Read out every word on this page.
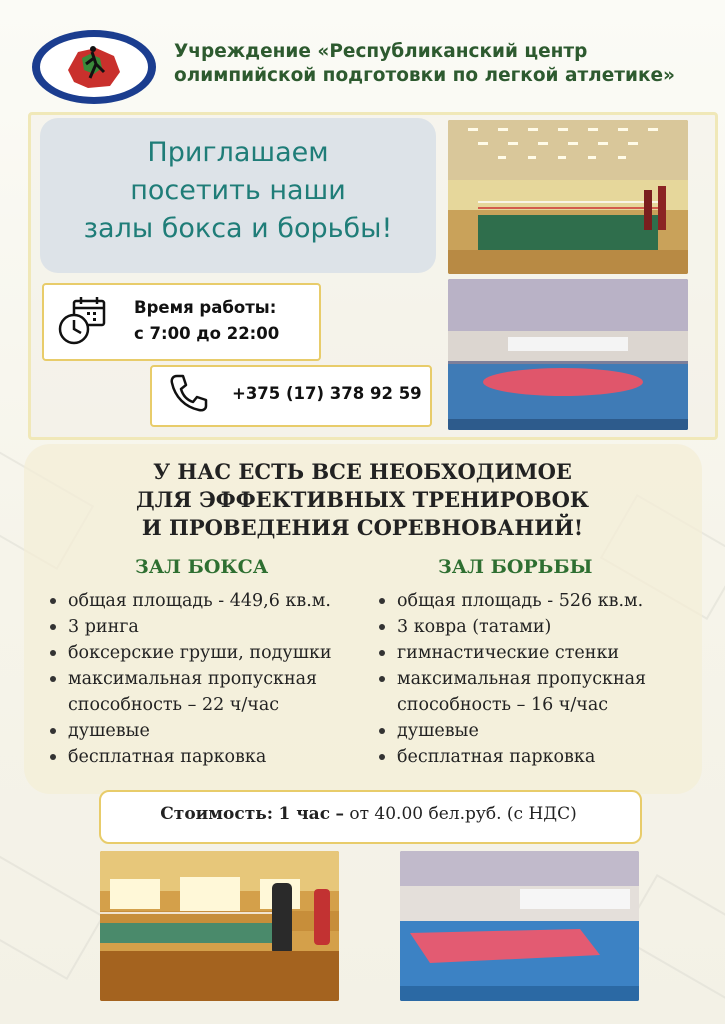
Учреждение «Республиканский центр
олимпийской подготовки по легкой атлетике»
Приглашаем
посетить наши
залы бокса и борьбы!
Время работы:
с 7:00 до 22:00
+375 (17) 378 92 59
У НАС ЕСТЬ ВСЕ НЕОБХОДИМОЕ
ДЛЯ ЭФФЕКТИВНЫХ ТРЕНИРОВОК
И ПРОВЕДЕНИЯ СОРЕВНОВАНИЙ!
ЗАЛ БОКСА	ЗАЛ БОРЬБЫ
общая площадь - 449,6 кв.м.
3 ринга
боксерские груши, подушки
максимальная пропускная способность – 22 ч/час
душевые
бесплатная парковка
общая площадь - 526 кв.м.
3 ковра (татами)
гимнастические стенки
максимальная пропускная способность – 16 ч/час
душевые
бесплатная парковка
Стоимость: 1 час – от 40.00 бел.руб. (с НДС)
